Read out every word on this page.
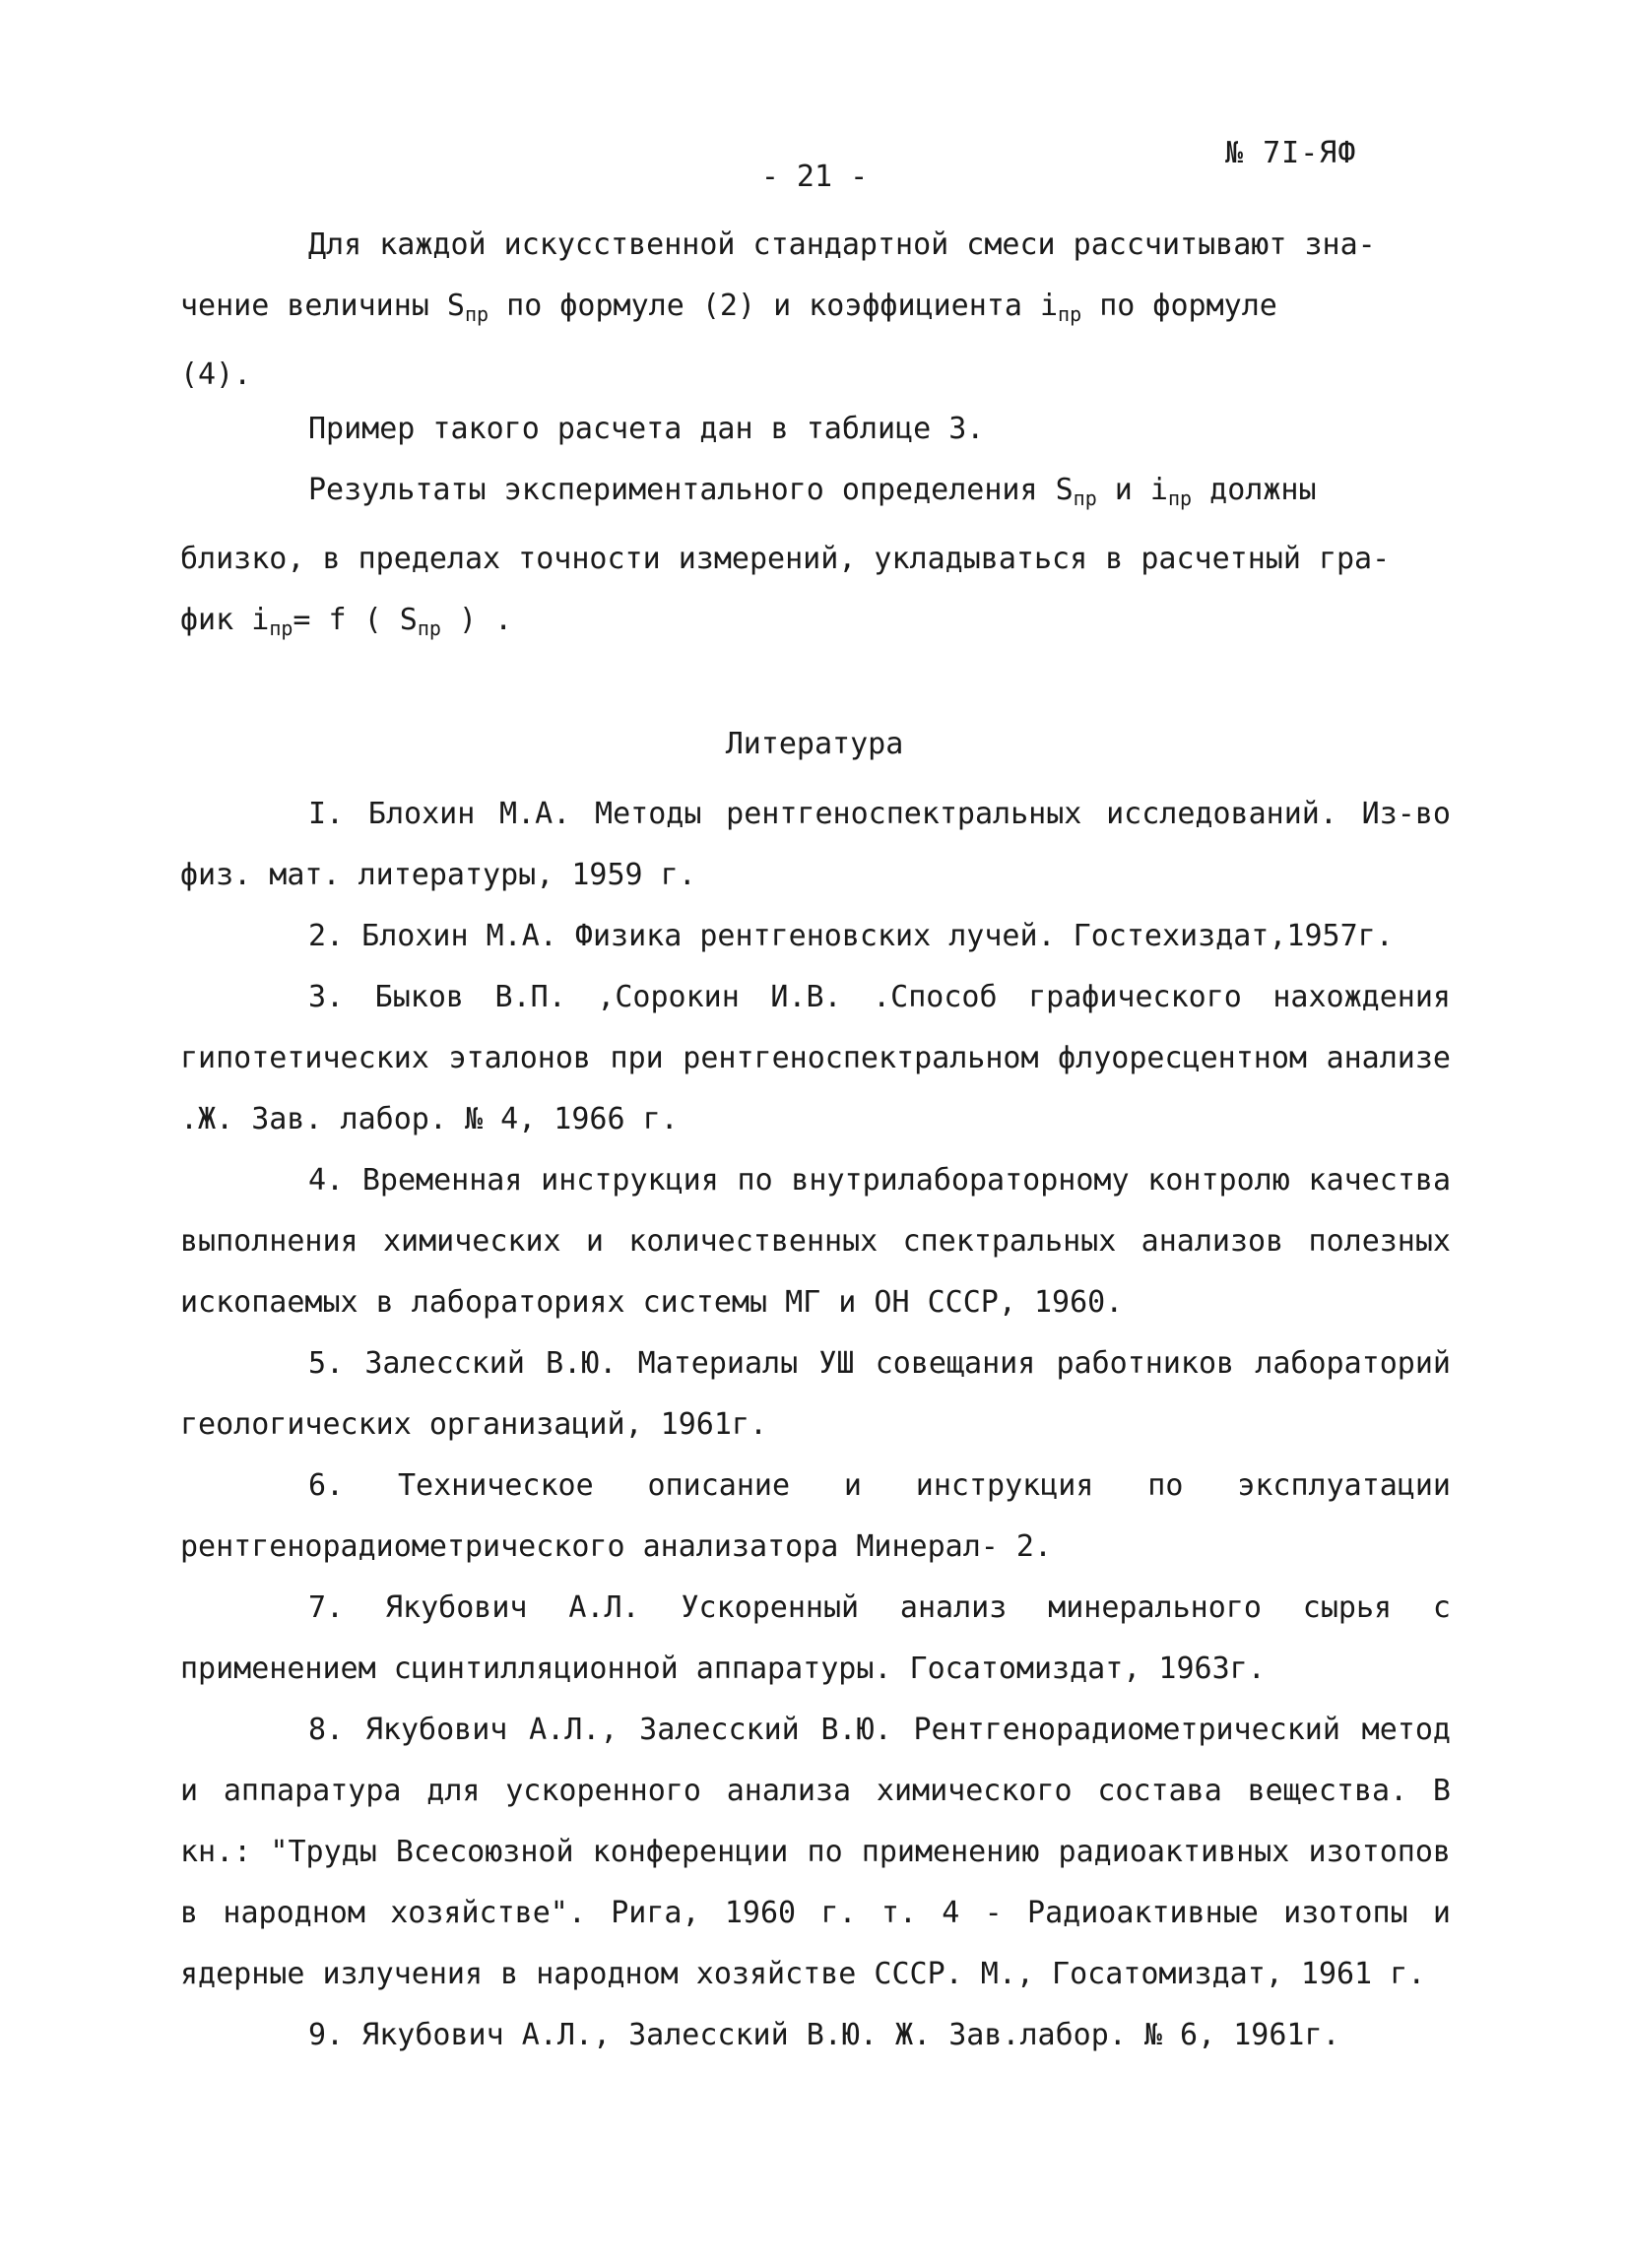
№ 7I-ЯФ
- 21 -
Для каждой искусственной стандартной смеси рассчитывают зна-
чение величины $S_{пр}$ по формуле (2) и коэффициента $i_{пр}$ по формуле
(4).
Пример такого расчета дан в таблице 3.
Результаты экспериментального определения $S_{пр}$ и $i_{пр}$ должны
близко, в пределах точности измерений, укладываться в расчетный гра-
фик $i_{пр}= f$ ( $S_{пр}$ ) .
Литература
I. Блохин М.А. Методы рентгеноспектральных исследований. Из-во физ. мат. литературы, 1959 г.
2. Блохин М.А. Физика рентгеновских лучей. Гостехиздат,1957г.
3. Быков В.П. ,Сорокин И.В. .Способ графического нахождения гипотетических эталонов при рентгеноспектральном флуоресцентном анализе .Ж. Зав. лабор. № 4, 1966 г.
4. Временная инструкция по внутрилабораторному контролю качества выполнения химических и количественных спектральных анализов полезных ископаемых в лабораториях системы МГ и ОН СССР, 1960.
5. Залесский В.Ю. Материалы УШ совещания работников лабораторий геологических организаций, 1961г.
6. Техническое описание и инструкция по эксплуатации рентгенорадиометрического анализатора Минерал- 2.
7. Якубович А.Л. Ускоренный анализ минерального сырья с применением сцинтилляционной аппаратуры. Госатомиздат, 1963г.
8. Якубович А.Л., Залесский В.Ю. Рентгенорадиометрический метод и аппаратура для ускоренного анализа химического состава вещества. В кн.: "Труды Всесоюзной конференции по применению радиоактивных изотопов в народном хозяйстве". Рига, 1960 г. т. 4 - Радиоактивные изотопы и ядерные излучения в народном хозяйстве СССР. М., Госатомиздат, 1961 г.
9. Якубович А.Л., Залесский В.Ю. Ж. Зав.лабор. № 6, 1961г.
